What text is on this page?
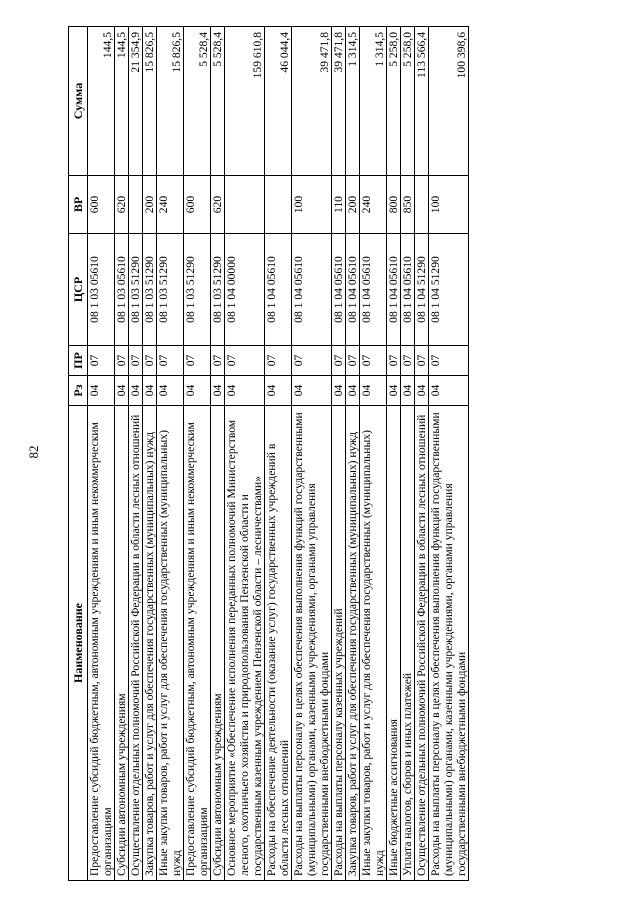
82
Наименование	Рз	ПР	ЦСР	ВР	Сумма
Предоставление субсидий бюджетным, автономным учреждениям и иным некоммерческим организациям	04	07	08 1 03 05610	600	144,5
Субсидии автономным учреждениям	04	07	08 1 03 05610	620	144,5
Осуществление отдельных полномочий Российской Федерации в области лесных отношений	04	07	08 1 03 51290		21 354,9
Закупка товаров, работ и услуг для обеспечения государственных (муниципальных) нужд	04	07	08 1 03 51290	200	15 826,5
Иные закупки товаров, работ и услуг для обеспечения государственных (муниципальных) нужд	04	07	08 1 03 51290	240	15 826,5
Предоставление субсидий бюджетным, автономным учреждениям и иным некоммерческим организациям	04	07	08 1 03 51290	600	5 528,4
Субсидии автономным учреждениям	04	07	08 1 03 51290	620	5 528,4
Основное мероприятие «Обеспечение исполнения переданных полномочий Министерством лесного, охотничьего хозяйства и природопользования Пензенской области и государственным казенным учреждением Пензенской области – лесничествами»	04	07	08 1 04 00000		159 610,8
Расходы на обеспечение деятельности (оказание услуг) государственных учреждений в области лесных отношений	04	07	08 1 04 05610		46 044,4
Расходы на выплаты персоналу в целях обеспечения выполнения функций государственными (муниципальными) органами, казенными учреждениями, органами управления государственными внебюджетными фондами	04	07	08 1 04 05610	100	39 471,8
Расходы на выплаты персоналу казенных учреждений	04	07	08 1 04 05610	110	39 471,8
Закупка товаров, работ и услуг для обеспечения государственных (муниципальных) нужд	04	07	08 1 04 05610	200	1 314,5
Иные закупки товаров, работ и услуг для обеспечения государственных (муниципальных) нужд	04	07	08 1 04 05610	240	1 314,5
Иные бюджетные ассигнования	04	07	08 1 04 05610	800	5 258,0
Уплата налогов, сборов и иных платежей	04	07	08 1 04 05610	850	5 258,0
Осуществление отдельных полномочий Российской Федерации в области лесных отношений	04	07	08 1 04 51290		113 566,4
Расходы на выплаты персоналу в целях обеспечения выполнения функций государственными (муниципальными) органами, казенными учреждениями, органами управления государственными внебюджетными фондами	04	07	08 1 04 51290	100	100 398,6
